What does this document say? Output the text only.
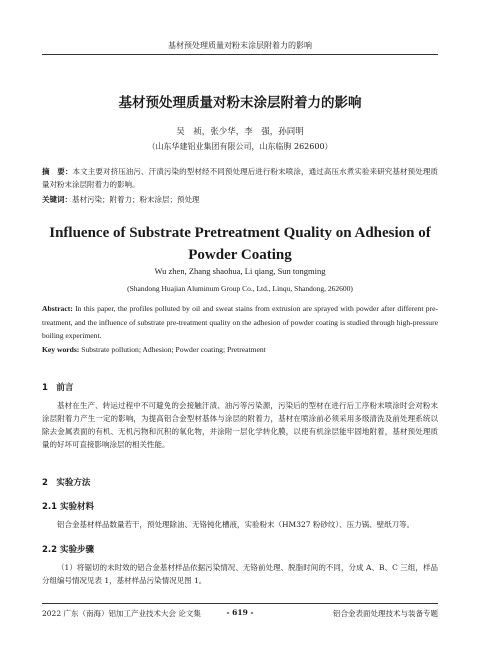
基材预处理质量对粉末涂层附着力的影响
基材预处理质量对粉末涂层附着力的影响
吴　祯，张少华，李　强，孙同明
（山东华建铝业集团有限公司，山东临朐 262600）
摘　要：本文主要对挤压油污、汗渍污染的型材经不同预处理后进行粉末喷涂，通过高压水煮实验来研究基材预处理质量对粉末涂层附着力的影响。
关键词：基材污染；附着力；粉末涂层；预处理
Influence of Substrate Pretreatment Quality on Adhesion of
Powder Coating
Wu zhen, Zhang shaohua, Li qiang, Sun tongming
(Shandong Huajian Aluminum Group Co., Ltd., Linqu, Shandong, 262600)
Abstract: In this paper, the profiles polluted by oil and sweat stains from extrusion are sprayed with powder after different pre-treatment, and the influence of substrate pre-treatment quality on the adhesion of powder coating is studied through high-pressure boiling experiment.
Key words: Substrate pollution; Adhesion; Powder coating; Pretreatment
1　前言
基材在生产、转运过程中不可避免的会接触汗渍、油污等污染源，污染后的型材在进行后工序粉末喷涂时会对粉末涂层附着力产生一定的影响，为提高铝合金型材基体与涂层的附着力，基材在喷涂前必须采用多级清洗及前处理系统以除去金属表面的有机、无机污物和沉积的氧化物，并涂附一层化学转化膜，以使有机涂层能牢固地附着，基材预处理质量的好坏可直接影响涂层的相关性能。
2　实验方法
2.1 实验材料
铝合金基材样品数量若干，预处理除油、无铬钝化槽液，实验粉末（HM327 粉砂纹）、压力锅、壁纸刀等。
2.2 实验步骤
（1）将锯切的未时效的铝合金基材样品依据污染情况、无铬前处理、脱脂时间的不同，分成 A、B、C 三组，样品分组编号情况见表 1，基材样品污染情况见图 1。
2022 广东（南海）铝加工产业技术大会 论文集	- 619 -	铝合金表面处理技术与装备专题
